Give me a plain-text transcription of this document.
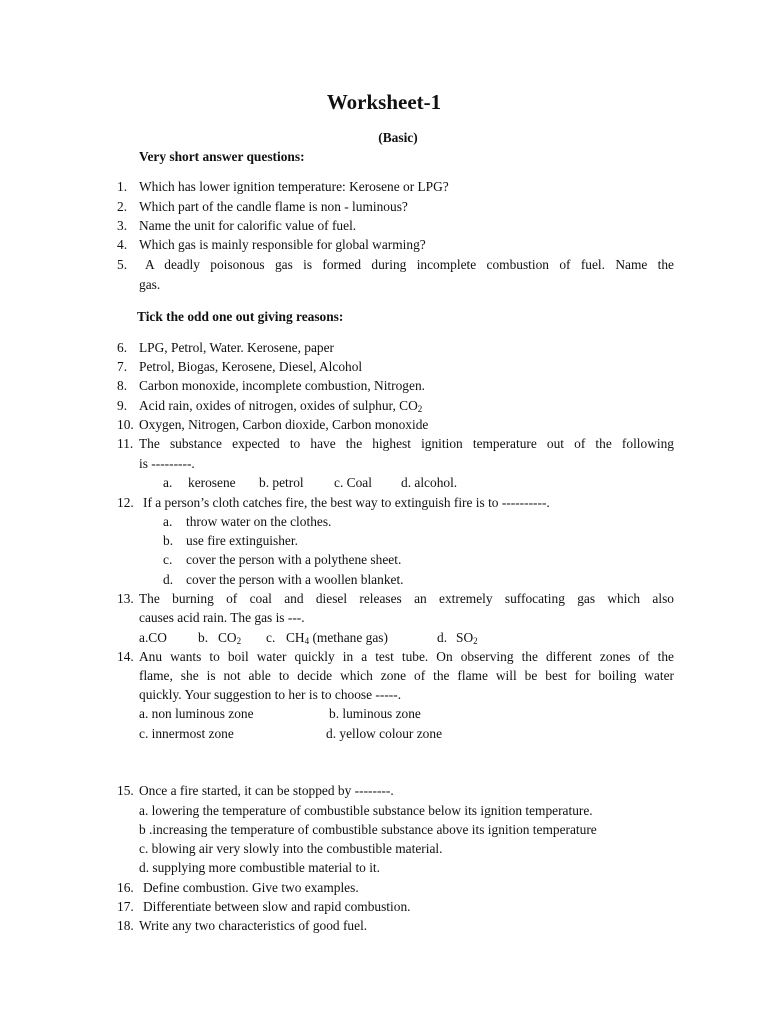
Worksheet-1
(Basic)
Very short answer questions:
1. Which has lower ignition temperature: Kerosene or LPG?
2. Which part of the candle flame is non - luminous?
3. Name the unit for calorific value of fuel.
4. Which gas is mainly responsible for global warming?
5. A deadly poisonous gas is formed during incomplete combustion of fuel. Name the
gas.
Tick the odd one out giving reasons:
6. LPG, Petrol, Water. Kerosene, paper
7. Petrol, Biogas, Kerosene, Diesel, Alcohol
8. Carbon monoxide, incomplete combustion, Nitrogen.
9. Acid rain, oxides of nitrogen, oxides of sulphur, $CO_2$
10. Oxygen, Nitrogen, Carbon dioxide, Carbon monoxide
11. The substance expected to have the highest ignition temperature out of the following
is ---------.
a. kerosene b. petrol c. Coal d. alcohol.
12. If a person’s cloth catches fire, the best way to extinguish fire is to ----------.
a. throw water on the clothes.
b. use fire extinguisher.
c. cover the person with a polythene sheet.
d. cover the person with a woollen blanket.
13. The burning of coal and diesel releases an extremely suffocating gas which also
causes acid rain. The gas is ---.
a.CO b. $CO_2$ c. $CH_4$ (methane gas)	d. $SO_2$
14. Anu wants to boil water quickly in a test tube. On observing the different zones of the
flame, she is not able to decide which zone of the flame will be best for boiling water
quickly. Your suggestion to her is to choose -----.
a. non luminous zone	b. luminous zone
c. innermost zone	d. yellow colour zone
15. Once a fire started, it can be stopped by --------.
a. lowering the temperature of combustible substance below its ignition temperature.
b .increasing the temperature of combustible substance above its ignition temperature
c. blowing air very slowly into the combustible material.
d. supplying more combustible material to it.
16. Define combustion. Give two examples.
17. Differentiate between slow and rapid combustion.
18. Write any two characteristics of good fuel.
